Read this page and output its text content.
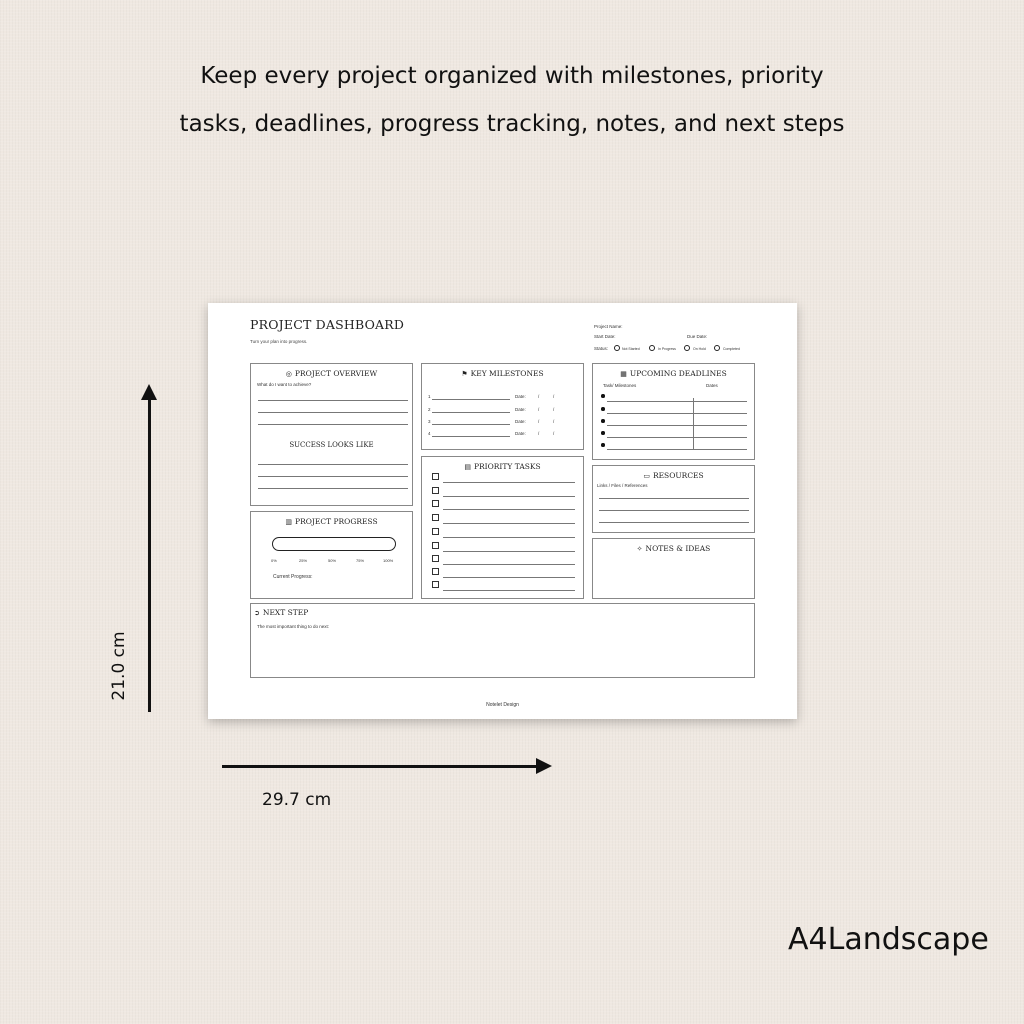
Keep every project organized with milestones, priority
tasks, deadlines, progress tracking, notes, and next steps
21.0 cm
29.7 cm
A4Landscape
PROJECT DASHBOARD
Turn your plan into progress.
Project Name:
Start Date:	Due Date:
Status:	Not Started	In Progress	On Hold	Completed
◎ PROJECT OVERVIEW
What do I want to achieve?
SUCCESS LOOKS LIKE
⚑ KEY MILESTONES
1	Date:	/	/
2	Date:	/	/
3	Date:	/	/
4	Date:	/	/
▦ UPCOMING DEADLINES
Task/ Milestones	Dates
▤ PRIORITY TASKS
▭ RESOURCES
Links / Files / References
▥ PROJECT PROGRESS
0%	25%	50%	75%	100%
Current Progress:
✧ NOTES & IDEAS
➲ NEXT STEP
The most important thing to do next:
Notelet Design
